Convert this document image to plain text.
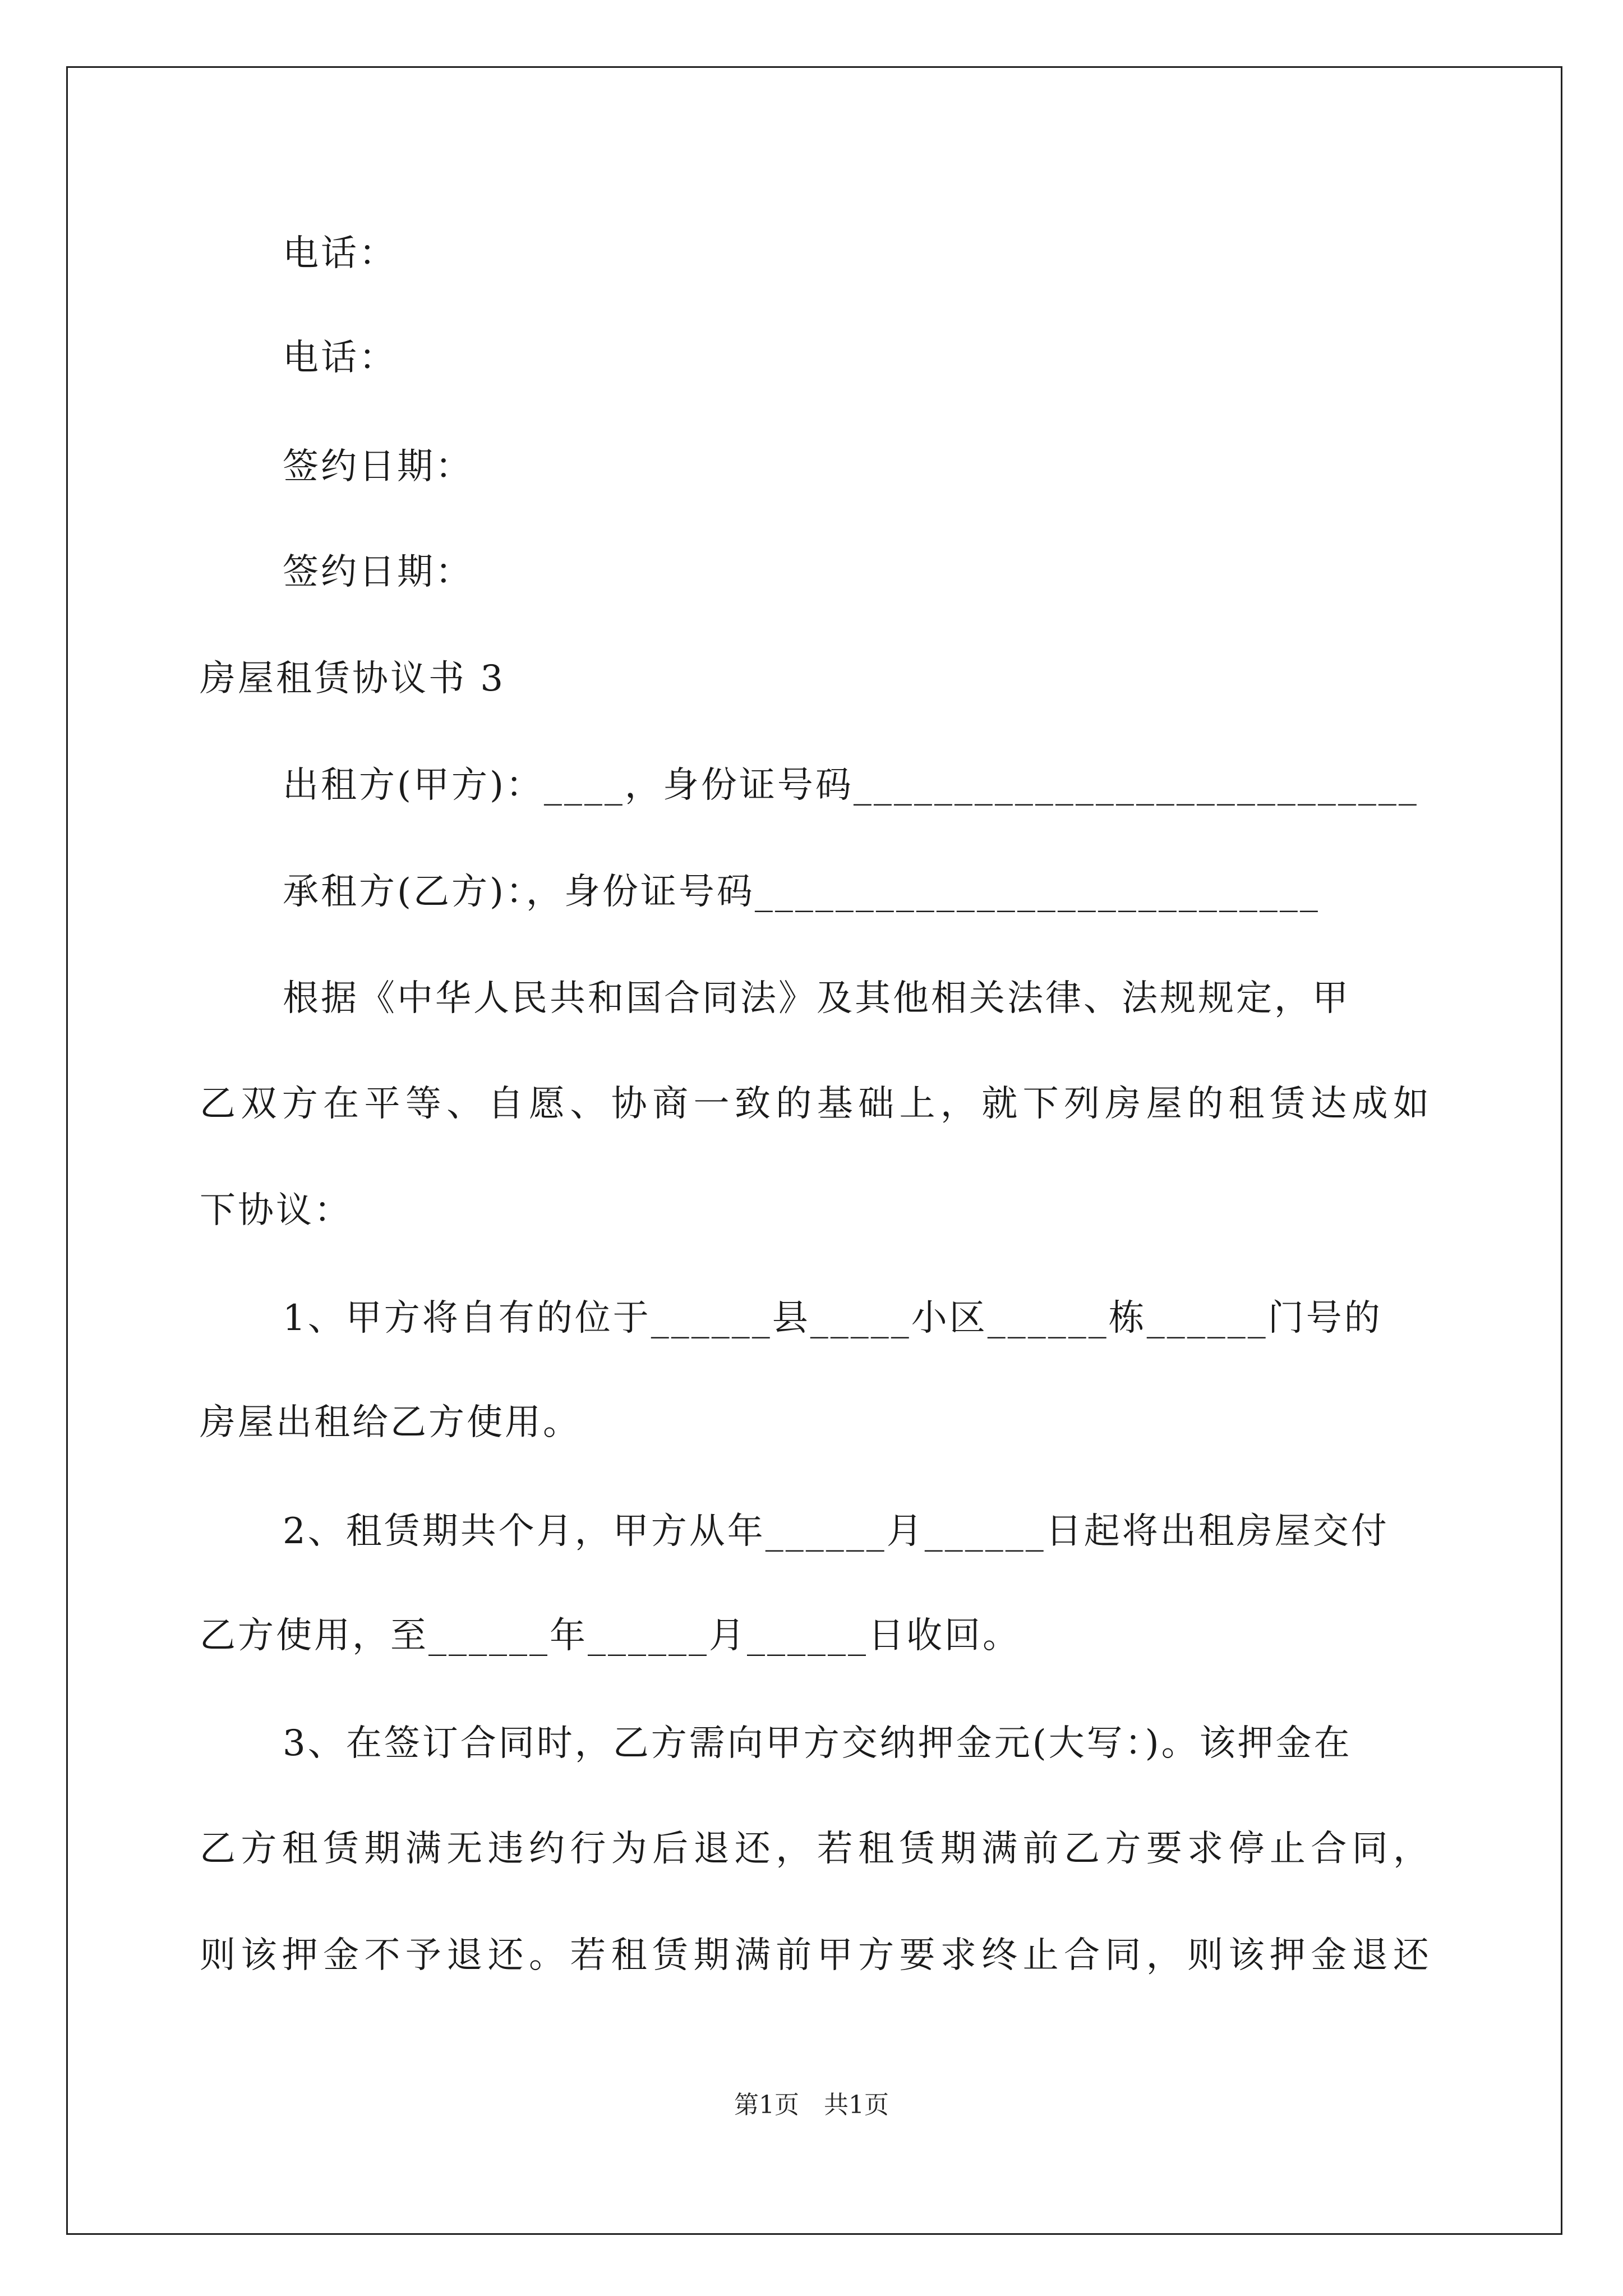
电话：
电话：
签约日期：
签约日期：
房屋租赁协议书 3
出租方(甲方)：____，身份证号码____________________________
承租方(乙方)：，身份证号码____________________________
根据《中华人民共和国合同法》及其他相关法律、法规规定，甲
乙双方在平等、自愿、协商一致的基础上，就下列房屋的租赁达成如
下协议：
1、甲方将自有的位于______县_____小区______栋______门号的
房屋出租给乙方使用。
2、租赁期共个月，甲方从年______月______日起将出租房屋交付
乙方使用，至______年______月______日收回。
3、在签订合同时，乙方需向甲方交纳押金元(大写：)。该押金在
乙方租赁期满无违约行为后退还，若租赁期满前乙方要求停止合同，
则该押金不予退还。若租赁期满前甲方要求终止合同，则该押金退还
第1页　共1页
